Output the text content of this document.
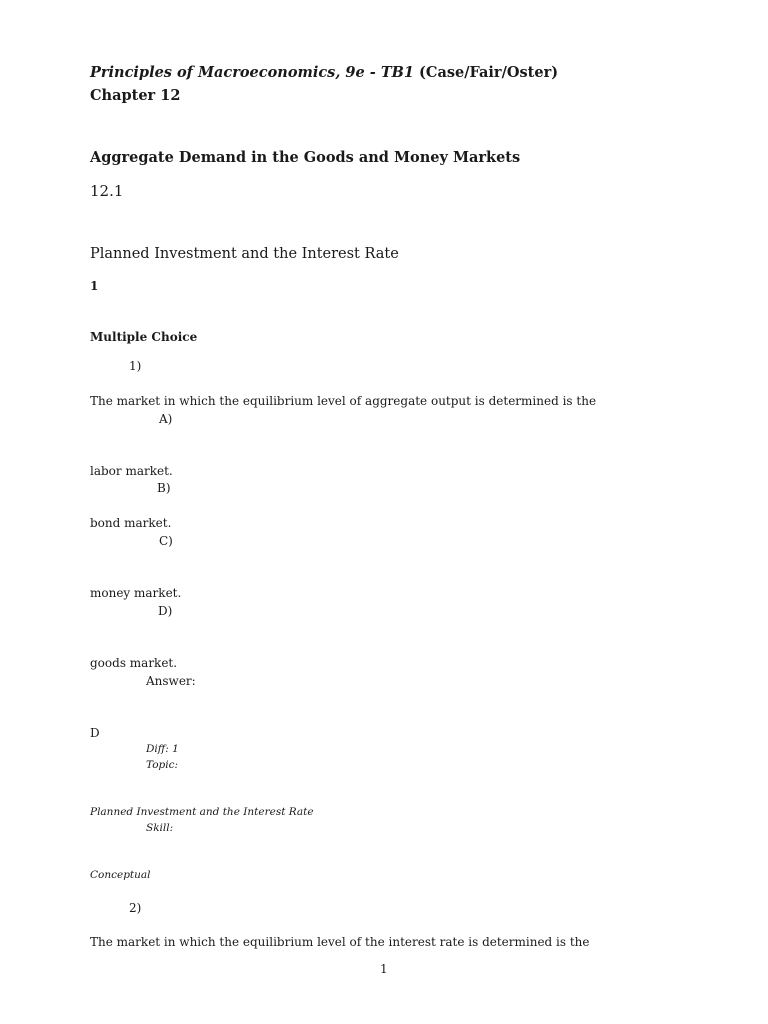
Principles of Macroeconomics, 9e - TB1 (Case/Fair/Oster)
Chapter 12
Aggregate Demand in the Goods and Money Markets
12.1
Planned Investment and the Interest Rate
1
Multiple Choice
1)
The market in which the equilibrium level of aggregate output is determined is the
A)
labor market.
B)
bond market.
C)
money market.
D)
goods market.
Answer:
D
Diff: 1
Topic:
Planned Investment and the Interest Rate
Skill:
Conceptual
2)
The market in which the equilibrium level of the interest rate is determined is the
1
